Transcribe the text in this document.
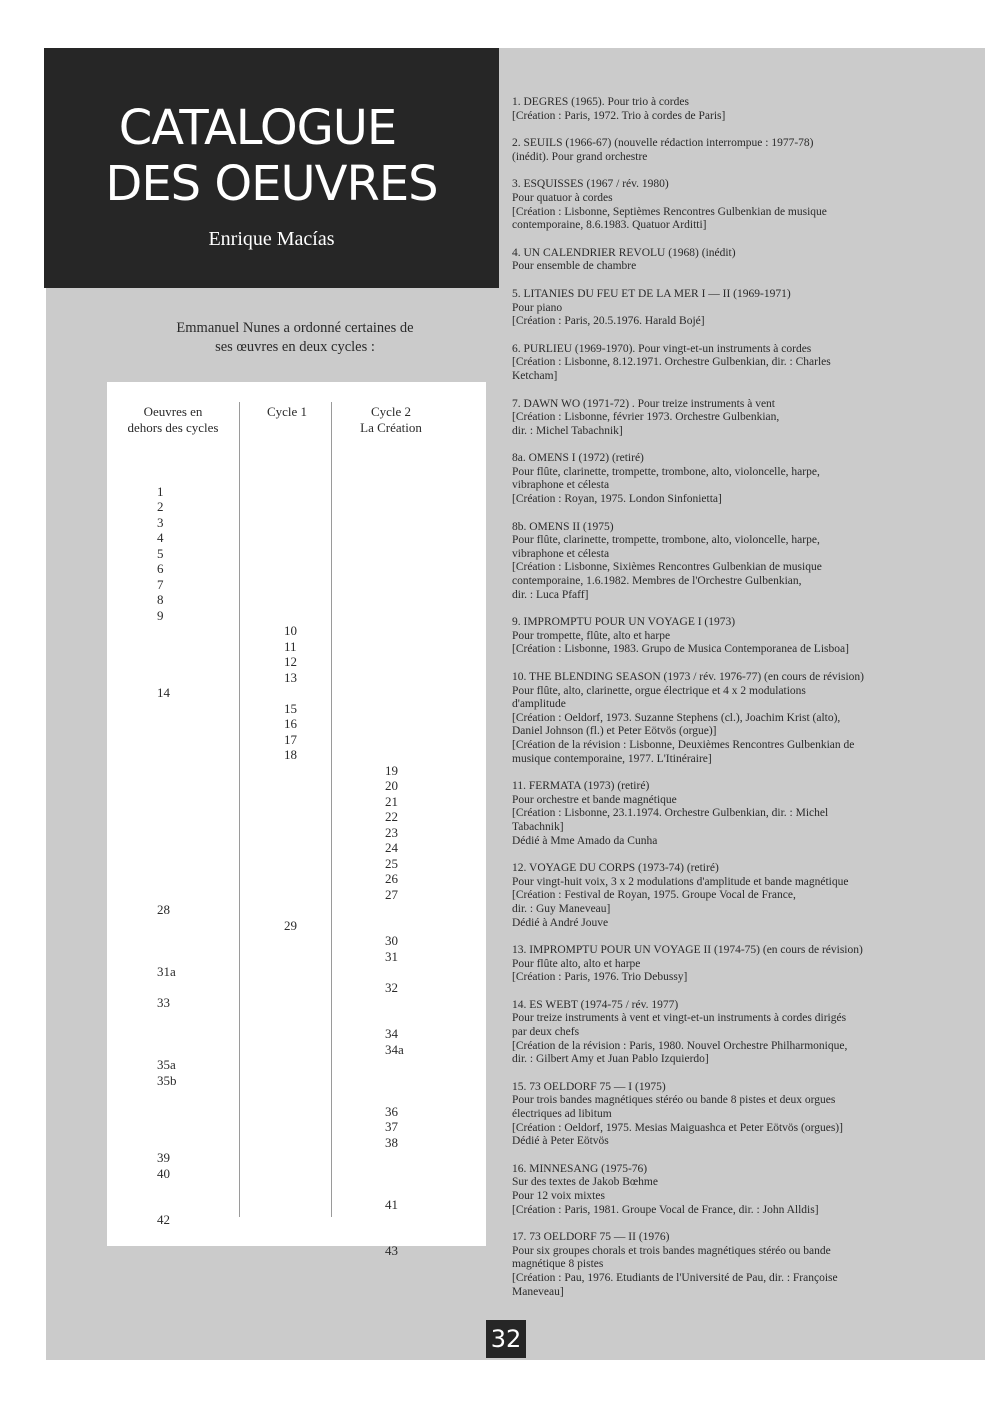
CATALOGUE
DES OEUVRES
Enrique Macías
Emmanuel Nunes a ordonné certaines de
ses œuvres en deux cycles :
Oeuvres en
dehors des cycles
Cycle 1	Cycle 2
La Création
1
2
3
4
5
6
7
8
9
14
28
31a
33
35a
35b
39
40
42
10
11
12
13
15
16
17
18
29
19
20
21
22
23
24
25
26
27
30
31
32
34
34a
36
37
38
41
43
1. DEGRES (1965). Pour trio à cordes
[Création : Paris, 1972. Trio à cordes de Paris]
2. SEUILS (1966-67) (nouvelle rédaction interrompue : 1977-78)
(inédit). Pour grand orchestre
3. ESQUISSES (1967 / rév. 1980)
Pour quatuor à cordes
[Création : Lisbonne, Septièmes Rencontres Gulbenkian de musique
contemporaine, 8.6.1983. Quatuor Arditti]
4. UN CALENDRIER REVOLU (1968) (inédit)
Pour ensemble de chambre
5. LITANIES DU FEU ET DE LA MER I — II (1969-1971)
Pour piano
[Création : Paris, 20.5.1976. Harald Bojé]
6. PURLIEU (1969-1970). Pour vingt-et-un instruments à cordes
[Création : Lisbonne, 8.12.1971. Orchestre Gulbenkian, dir. : Charles
Ketcham]
7. DAWN WO (1971-72) . Pour treize instruments à vent
[Création : Lisbonne, février 1973. Orchestre Gulbenkian,
dir. : Michel Tabachnik]
8a. OMENS I (1972) (retiré)
Pour flûte, clarinette, trompette, trombone, alto, violoncelle, harpe,
vibraphone et célesta
[Création : Royan, 1975. London Sinfonietta]
8b. OMENS II (1975)
Pour flûte, clarinette, trompette, trombone, alto, violoncelle, harpe,
vibraphone et célesta
[Création : Lisbonne, Sixièmes Rencontres Gulbenkian de musique
contemporaine, 1.6.1982. Membres de l'Orchestre Gulbenkian,
dir. : Luca Pfaff]
9. IMPROMPTU POUR UN VOYAGE I (1973)
Pour trompette, flûte, alto et harpe
[Création : Lisbonne, 1983. Grupo de Musica Contemporanea de Lisboa]
10. THE BLENDING SEASON (1973 / rév. 1976-77) (en cours de révision)
Pour flûte, alto, clarinette, orgue électrique et 4 x 2 modulations
d'amplitude
[Création : Oeldorf, 1973. Suzanne Stephens (cl.), Joachim Krist (alto),
Daniel Johnson (fl.) et Peter Eötvös (orgue)]
[Création de la révision : Lisbonne, Deuxièmes Rencontres Gulbenkian de
musique contemporaine, 1977. L'Itinéraire]
11. FERMATA (1973) (retiré)
Pour orchestre et bande magnétique
[Création : Lisbonne, 23.1.1974. Orchestre Gulbenkian, dir. : Michel
Tabachnik]
Dédié à Mme Amado da Cunha
12. VOYAGE DU CORPS (1973-74) (retiré)
Pour vingt-huit voix, 3 x 2 modulations d'amplitude et bande magnétique
[Création : Festival de Royan, 1975. Groupe Vocal de France,
dir. : Guy Maneveau]
Dédié à André Jouve
13. IMPROMPTU POUR UN VOYAGE II (1974-75) (en cours de révision)
Pour flûte alto, alto et harpe
[Création : Paris, 1976. Trio Debussy]
14. ES WEBT (1974-75 / rév. 1977)
Pour treize instruments à vent et vingt-et-un instruments à cordes dirigés
par deux chefs
[Création de la révision : Paris, 1980. Nouvel Orchestre Philharmonique,
dir. : Gilbert Amy et Juan Pablo Izquierdo]
15. 73 OELDORF 75 — I (1975)
Pour trois bandes magnétiques stéréo ou bande 8 pistes et deux orgues
électriques ad libitum
[Création : Oeldorf, 1975. Mesias Maiguashca et Peter Eötvös (orgues)]
Dédié à Peter Eötvös
16. MINNESANG (1975-76)
Sur des textes de Jakob Bœhme
Pour 12 voix mixtes
[Création : Paris, 1981. Groupe Vocal de France, dir. : John Alldis]
17. 73 OELDORF 75 — II (1976)
Pour six groupes chorals et trois bandes magnétiques stéréo ou bande
magnétique 8 pistes
[Création : Pau, 1976. Etudiants de l'Université de Pau, dir. : Françoise
Maneveau]
32
